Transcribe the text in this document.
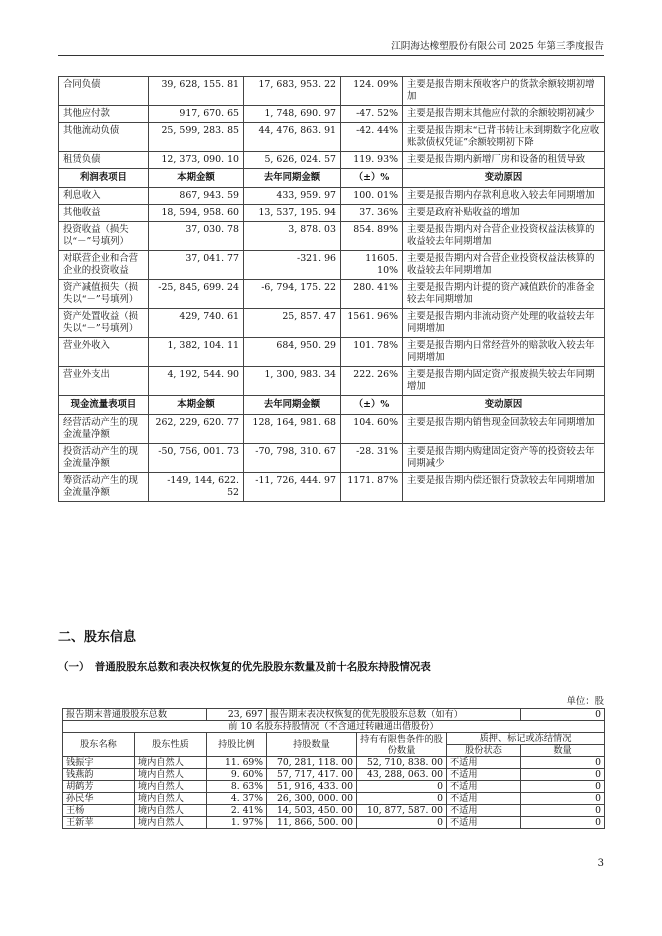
江阴海达橡塑股份有限公司 2025 年第三季度报告
合同负债	39, 628, 155. 81	17, 683, 953. 22	124. 09%	主要是报告期末预收客户的货款余额较期初增加
其他应付款	917, 670. 65	1, 748, 690. 97	-47. 52%	主要是报告期末其他应付款的余额较期初减少
其他流动负债	25, 599, 283. 85	44, 476, 863. 91	-42. 44%	主要是报告期末“已背书转让未到期数字化应收账款债权凭证”余额较期初下降
租赁负债	12, 373, 090. 10	5, 626, 024. 57	119. 93%	主要是报告期内新增厂房和设备的租赁导致
利润表项目	本期金额	去年同期金额	（±）%	变动原因
利息收入	867, 943. 59	433, 959. 97	100. 01%	主要是报告期内存款利息收入较去年同期增加
其他收益	18, 594, 958. 60	13, 537, 195. 94	37. 36%	主要是政府补贴收益的增加
投资收益（损失以“－”号填列）	37, 030. 78	3, 878. 03	854. 89%	主要是报告期内对合营企业投资权益法核算的收益较去年同期增加
对联营企业和合营企业的投资收益	37, 041. 77	-321. 96	11605. 10%	主要是报告期内对合营企业投资权益法核算的收益较去年同期增加
资产减值损失（损失以“－”号填列）	-25, 845, 699. 24	-6, 794, 175. 22	280. 41%	主要是报告期内计提的资产减值跌价的准备金较去年同期增加
资产处置收益（损失以“－”号填列）	429, 740. 61	25, 857. 47	1561. 96%	主要是报告期内非流动资产处理的收益较去年同期增加
营业外收入	1, 382, 104. 11	684, 950. 29	101. 78%	主要是报告期内日常经营外的赔款收入较去年同期增加
营业外支出	4, 192, 544. 90	1, 300, 983. 34	222. 26%	主要是报告期内固定资产报废损失较去年同期增加
现金流量表项目	本期金额	去年同期金额	（±）%	变动原因
经营活动产生的现金流量净额	262, 229, 620. 77	128, 164, 981. 68	104. 60%	主要是报告期内销售现金回款较去年同期增加
投资活动产生的现金流量净额	-50, 756, 001. 73	-70, 798, 310. 67	-28. 31%	主要是报告期内购建固定资产等的投资较去年同期减少
筹资活动产生的现金流量净额	-149, 144, 622. 52	-11, 726, 444. 97	1171. 87%	主要是报告期内偿还银行贷款较去年同期增加
二、股东信息
（一）　普通股股东总数和表决权恢复的优先股股东数量及前十名股东持股情况表
单位：股
报告期末普通股股东总数		23, 697	报告期末表决权恢复的优先股股东总数（如有）			0
前 10 名股东持股情况（不含通过转融通出借股份）						
股东名称	股东性质	持股比例	持股数量	持有有限售条件的股份数量	质押、标记或冻结情况	
					股份状态	数量
钱振宇	境内自然人	11. 69%	70, 281, 118. 00	52, 710, 838. 00	不适用	0
钱燕韵	境内自然人	9. 60%	57, 717, 417. 00	43, 288, 063. 00	不适用	0
胡鹤芳	境内自然人	8. 63%	51, 916, 433. 00	0	不适用	0
孙民华	境内自然人	4. 37%	26, 300, 000. 00	0	不适用	0
王杨	境内自然人	2. 41%	14, 503, 450. 00	10, 877, 587. 00	不适用	0
王新苹	境内自然人	1. 97%	11, 866, 500. 00	0	不适用	0
3
